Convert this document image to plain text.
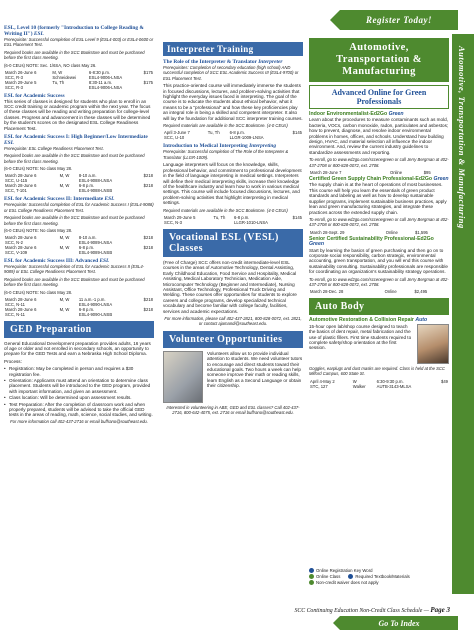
Register Today!
Automotive, Transportation & Manufacturing
ESL, Level 10 (formerly "Introduction to College Reading & Writing II") ESL

Prerequisite: Successful completion of ESL Level 9 (ESL4-003) or ESL4-0600 or ESL Placement Test.

Required books are available in the SCC Bookstore and must be purchased before the first class meeting.

(6-0 CEUs) NOTE: Sec. 1/6SA, NO class May 26.

March 26-June 6	M, W	6-8:30 p.m.	$175
SCC, R-3	Schneidewei	ESL4-9006-LNSA	
March 29-June 5	Tu, Th	8:30-11 a.m.	$175
SCC, R-3		ESL4-9006-LNSA	
ESL for Academic Success

This series of classes is designed for students who plan to enroll in an SCC credit training or academic program within the next year. The focus of these classes will be reading and writing preparation for college-level classes. Progress and advancement in these classes will be determined by the student's scores on the designated ESL College Readiness Placement Test.

ESL for Academic Success I: High Beginner/Low Intermediate ESL

Prerequisite: ESL College Readiness Placement Test.

Required books are available in the SCC Bookstore and must be purchased before the first class meeting.

(6-0 CEUs) NOTE: No class May 28.

March 28-June 6	M, W	8-10 a.m.	$218
SCC, U-115		ESL4-9088-LNSA	
March 28-June 6	M, W	6-8 p.m.	$218
SCC, T-101		ESL4-9088-LNSB	
ESL for Academic Success II: Intermediate ESL

Prerequisite: Successful completion of ESL for Academic Success I (ESL4-9088) or ESL College Readiness Placement Test.

Required books are available in the SCC Bookstore and must be purchased before the first class meeting.

(6-0 CEUs) NOTE: No class May 28.

March 28-June 6	M, W	8-10 a.m.	$218
SCC, N-2		ESL4-9089-LNSA	
March 28-June 6	M, W	6-8 p.m.	$218
SCC, V-109		ESL4-9089-LNSB	
ESL for Academic Success III: Advanced ESL

Prerequisite: Successful completion of ESL for Academic Success II (ESL4-9089) or ESL College Readiness Placement Test.

Required books are available in the SCC Bookstore and must be purchased before the first class meeting.

(6-0 CEUs) NOTE: No class May 28.

March 28-June 6	M, W	11 a.m.-1 p.m.	$218
SCC, N-11		ESL4-9090-LNSA	
March 28-June 6	M, W	6-8 p.m.	$218
SCC, N-11		ESL4-9090-LNSB	
GED Preparation

General Educational Development preparation provides adults, 16 years of age or older and not enrolled in secondary schools, an opportunity to prepare for the GED Tests and earn a Nebraska High School Diploma.

Process:

• Registration: May be completed in person and requires a $30 registration fee.
• Orientation: Applicants must attend an orientation to determine class placement. Students will be introduced to the GED program, provided with important information, and given an assessment.
• Class location: Will be determined upon assessment results.
• Test Preparation: After the completion of classroom work and when properly prepared, students will be advised to take the official GED tests in the areas of reading, math, science, social studies, and writing.

For more information call 402-437-2716 or email buffrano@southeast.edu.

Interpreter Training
The Role of the Interpreter & Translator Interpreter

Prerequisites: Completion of secondary education (high school) AND successful completion of SCC ESL Academic Success III (ESL4-9700) or ESL Placement Test.

This practice-oriented course will immediately immerse the students in focused discussions, lectures, and problem-solving activities that highlight the everyday issues faced in interpreting. The goal of the course is to educate the students about ethical behavior, what it means to be a "professional" and how these key proficiencies play an integral role in being a skilled and competent interpreter. It also will lay the foundation for additional SCC interpreter training courses.

Required materials are available in the SCC Bookstore. (4-0 CEUs)

April 3-June 7	Tu, Th	6-8 p.m.	$145
SCC, U-10		LLGR-1009-LNSA	
Introduction to Medical Interpreting Interpreting

Prerequisite: Successful completion of The Role of the Interpreter & Translator (LLGR-1009).

Language interpreters will focus on the knowledge, skills, professional behavior, and commitment to professional development in the field of language interpreting in medical settings. Interpreters will define their medical interpreting skills, increase their knowledge of the healthcare industry and learn how to work in various medical settings. This course will include focused discussions, lectures, and problem-solving activities that highlight interpreting in medical settings.

Required materials are available in the SCC Bookstore. (4-0 CEUs)

March 29-June 5	Tu, Th	6-8 p.m.	$145
SCC, N-3		LLGR-1010-LNSA	
Vocational ESL (VESL) Classes

(Free of Charge) SCC offers non-credit intermediate-level ESL courses in the areas of Automotive Technology, Dental Assisting, Early Childhood Education, Food Service and Hospitality, Medical Assisting, Medical Laboratory Technician, Medication Aide, Microcomputer Technology (Beginner and Intermediate), Nursing Assistant, Office Technology, Professional Truck Driving and Welding. These courses offer opportunities for students to explore careers and college programs, develop specialized technical vocabulary and become familiar with college faculty, facilities, services and academic expectations.

For more information, please call 402-437-2821, 800-828-0072, ext. 2821, or contact ajamandi@southeast.edu.

Volunteer Opportunities

Volunteers allow us to provide individual attention to students. We need volunteer tutors to encourage and direct students toward their educational goals. Two hours a week can help someone improve their math or reading skills, learn English as a Second Language or obtain their citizenship.

Interested in volunteering in ABE, GED and ESL classes? Call 402-437-2716, 800-642-4075, ext. 2716 or email buffrano@southeast.edu.

Automotive, Transportation & Manufacturing
Advanced Online for Green Professionals
Indoor Environmentalist-Ed2Go Green

Learn about the procedures to measure contaminants such as mold, bacteria, VOCs, carbon monoxide, radon, particulates and asbestos; how to prevent, diagnose, and resolve indoor environmental problems in homes, offices, and schools. Understand how building design, HVAC, and material selection all influence the indoor environment. And, review the current industry guidelines to standardize assessments and reporting.

To enroll, go to www.ed2go.com/sccenegreen or call Jerry Bergman at 402-437-2708 or 800-828-0072, ext. 2708.

March 28-June 7	Online	$95	
Certified Green Supply Chain Professional-Ed2Go Green

The supply chain is at the heart of operations of most businesses. This course will help you learn the essentials of green product standards and labeling as well as how to develop sustainable supplier programs, implement sustainable business practices, apply lean and green manufacturing strategies, and integrate these practices across the extended supply chain.

To enroll, go to www.ed2go.com/sccenegreen or call Jerry Bergman at 402-437-2708 or 800-828-0072, ext. 2708.

March 28-Sept. 29	Online	$1,595	
Senior Certified Sustainability Professional-Ed2Go Green

Start by learning the basics of green purchasing and then go on to corporate social responsibility, carbon strategic, environmental accounting, green transportation, and you will end this course with sustainability consulting. Sustainability professionals are responsible for coordinating an organization's sustainability strategy operations.

To enroll, go to www.ed2go.com/sccenegreen or call Jerry Bergman at 402-437-2708 or 800-828-0072, ext. 2708.

March 28-Dec. 28	Online	$2,495	
Auto Body
Automotive Restoration & Collision Repair Auto

15-hour open lab/shop course designed to teach the basics of dent repair, metal fabrication and the use of plastic fillers. First time students required to complete safety/shop orientation at the first session.

Goggles, earplugs and dust masks are required. Class is held at the SCC Milford Campus, 600 State St.

April 4-May 2	W	6:30-9:30 p.m.	$49
STC, 127	Walker	AUTB-3143-MLSA	
Online Registration Key Word
Online Class	Required Textbook/Materials
Non-credit waiver does not apply
SCC Continuing Education Non-Credit Class Schedule — Page 3
Go To Index
